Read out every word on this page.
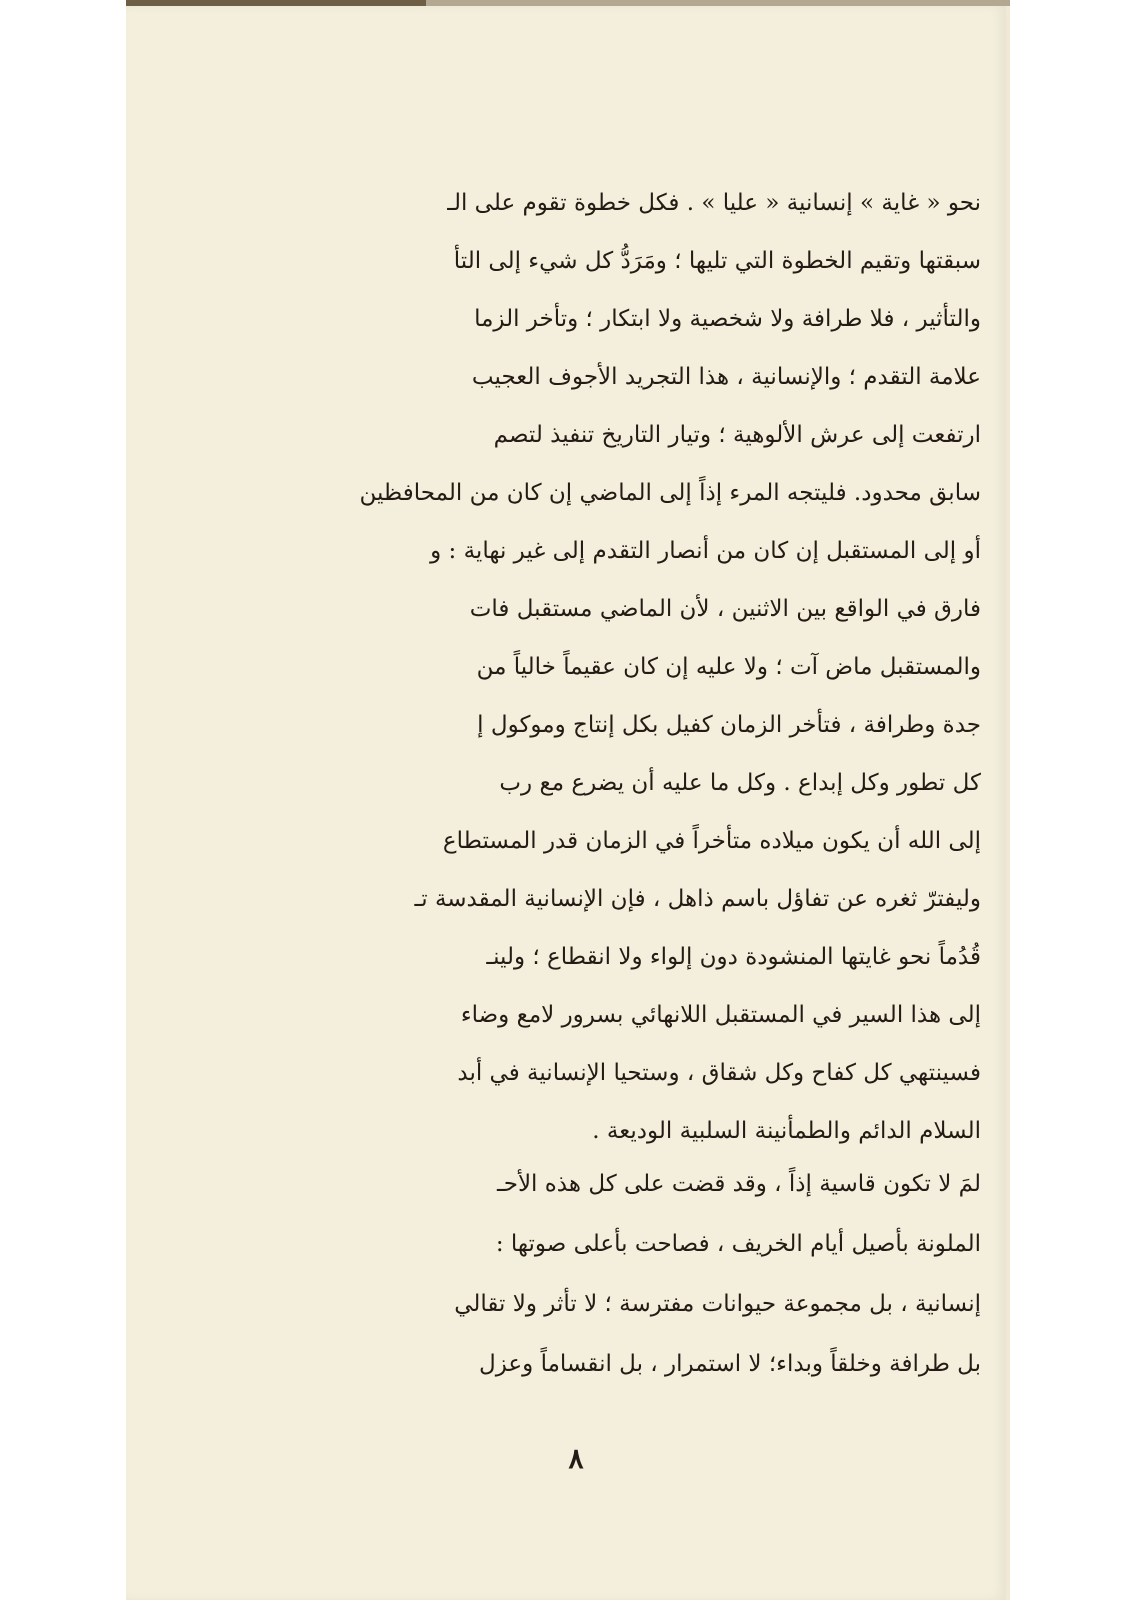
نحو « غاية » إنسانية « عليا » . فكل خطوة تقوم على الـ
سبقتها وتقيم الخطوة التي تليها ؛ ومَرَدُّ كل شيء إلى التأ
والتأثير ، فلا طرافة ولا شخصية ولا ابتكار ؛ وتأخر الزما
علامة التقدم ؛ والإنسانية ، هذا التجريد الأجوف العجيب
ارتفعت إلى عرش الألوهية ؛ وتيار التاريخ تنفيذ لتصم
سابق محدود. فليتجه المرء إذاً إلى الماضي إن كان من المحافظين
أو إلى المستقبل إن كان من أنصار التقدم إلى غير نهاية : و
فارق في الواقع بين الاثنين ، لأن الماضي مستقبل فات
والمستقبل ماض آت ؛ ولا عليه إن كان عقيماً خالياً من
جدة وطرافة ، فتأخر الزمان كفيل بكل إنتاج وموكول إ
كل تطور وكل إبداع . وكل ما عليه أن يضرع مع رب
إلى الله أن يكون ميلاده متأخراً في الزمان قدر المستطاع
وليفترّ ثغره عن تفاؤل باسم ذاهل ، فإن الإنسانية المقدسة تـ
قُدُماً نحو غايتها المنشودة دون إلواء ولا انقطاع ؛ ولينـ
إلى هذا السير في المستقبل اللانهائي بسرور لامع وضاء
فسينتهي كل كفاح وكل شقاق ، وستحيا الإنسانية في أبد
السلام الدائم والطمأنينة السلبية الوديعة .
لمَ لا تكون قاسية إذاً ، وقد قضت على كل هذه الأحـ
الملونة بأصيل أيام الخريف ، فصاحت بأعلى صوتها :
إنسانية ، بل مجموعة حيوانات مفترسة ؛ لا تأثر ولا تقالي
بل طرافة وخلقاً وبداء؛ لا استمرار ، بل انقساماً وعزل
٨
